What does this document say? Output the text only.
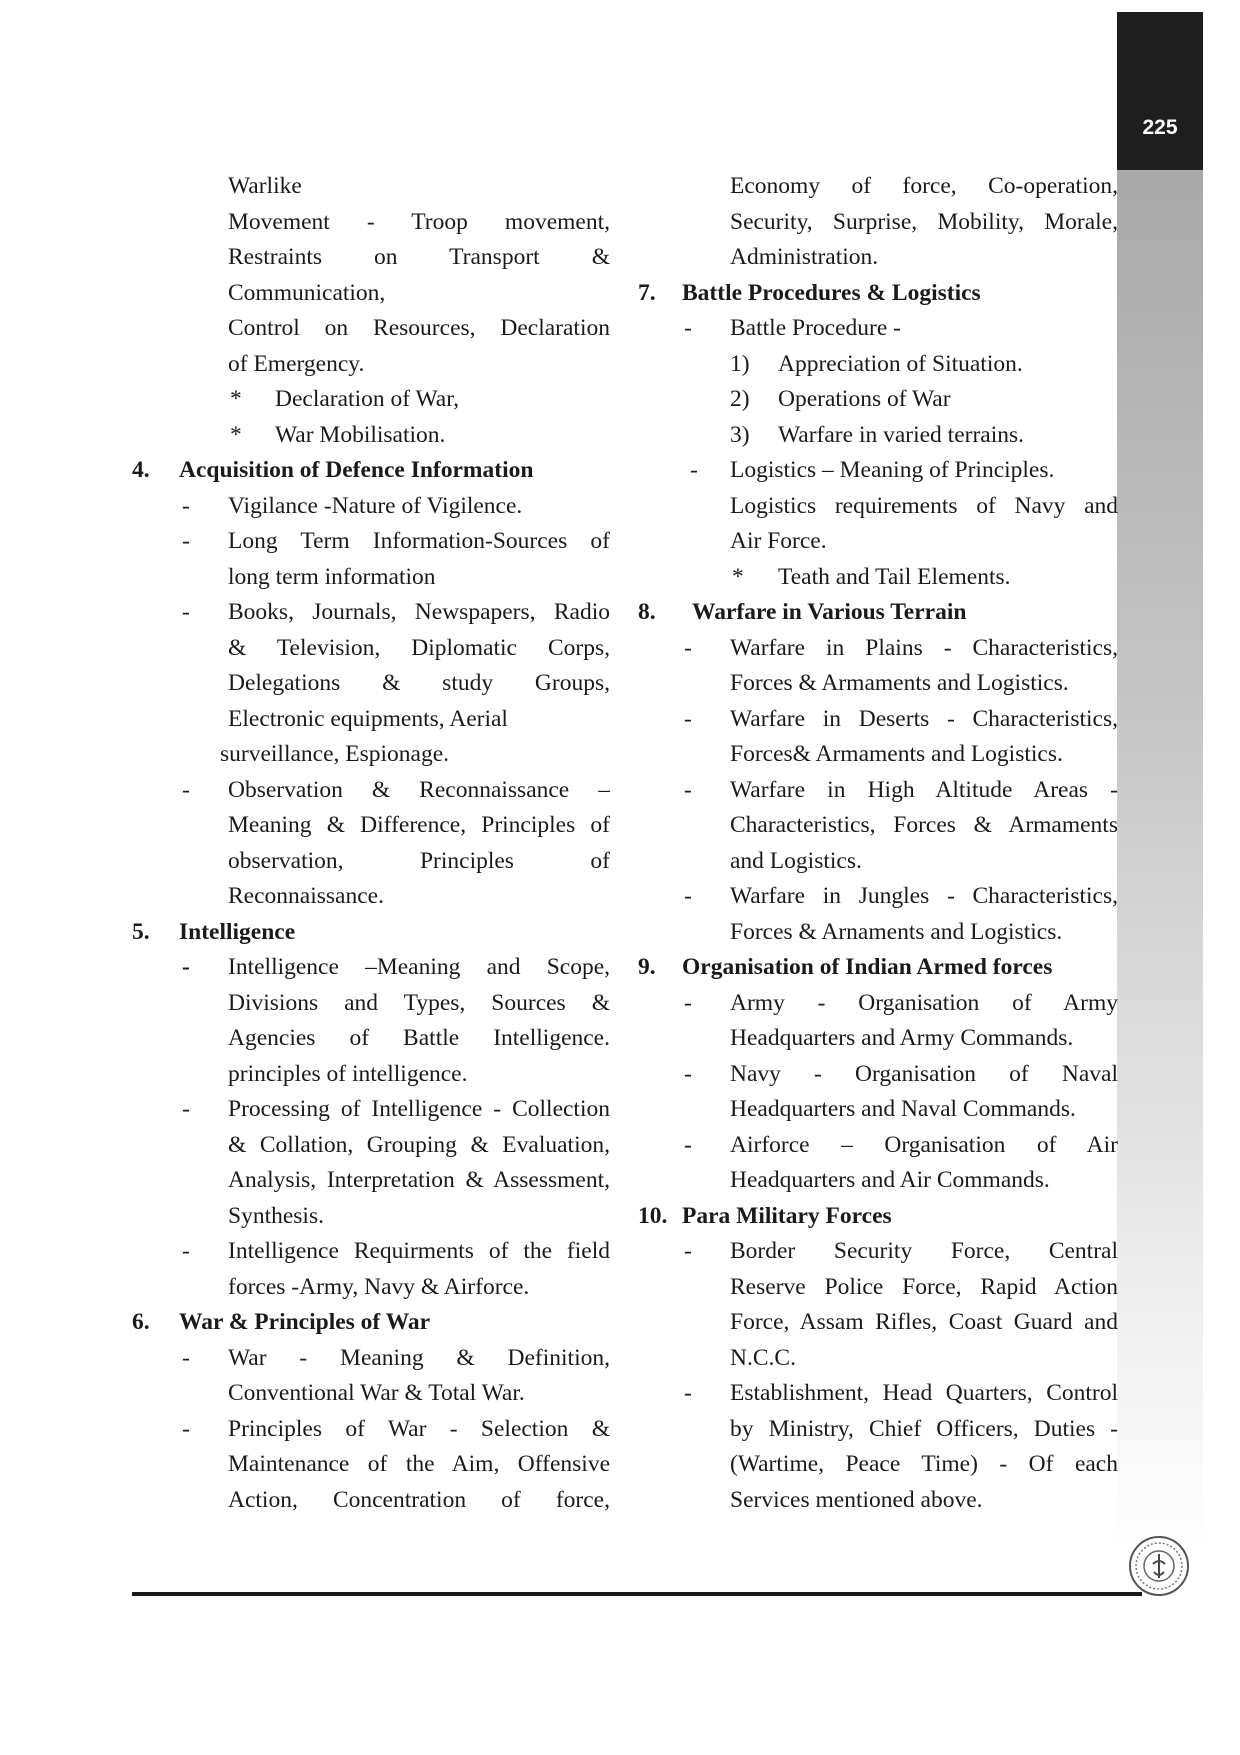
225
Warlike
Movement - Troop movement,
Restraints on Transport &
Communication,
Control on Resources, Declaration
of Emergency.
* Declaration of War,
* War Mobilisation.
4. Acquisition of Defence Information
- Vigilance -Nature of Vigilence.
- Long Term Information-Sources of
long term information
- Books, Journals, Newspapers, Radio
& Television, Diplomatic Corps,
Delegations & study Groups,
Electronic equipments, Aerial
surveillance, Espionage.
- Observation & Reconnaissance –
Meaning & Difference, Principles of
observation, Principles of
Reconnaissance.
5. Intelligence
- Intelligence –Meaning and Scope,
Divisions and Types, Sources &
Agencies of Battle Intelligence.
principles of intelligence.
- Processing of Intelligence - Collection
& Collation, Grouping & Evaluation,
Analysis, Interpretation & Assessment,
Synthesis.
- Intelligence Requirments of the field
forces -Army, Navy & Airforce.
6. War & Principles of War
- War - Meaning & Definition,
Conventional War & Total War.
- Principles of War - Selection &
Maintenance of the Aim, Offensive
Action, Concentration of force,
Economy of force, Co-operation,
Security, Surprise, Mobility, Morale,
Administration.
7. Battle Procedures & Logistics
- Battle Procedure -
1) Appreciation of Situation.
2) Operations of War
3) Warfare in varied terrains.
- Logistics – Meaning of Principles.
Logistics requirements of Navy and
Air Force.
* Teath and Tail Elements.
8. Warfare in Various Terrain
- Warfare in Plains - Characteristics,
Forces & Armaments and Logistics.
- Warfare in Deserts - Characteristics,
Forces& Armaments and Logistics.
- Warfare in High Altitude Areas -
Characteristics, Forces & Armaments
and Logistics.
- Warfare in Jungles - Characteristics,
Forces & Arnaments and Logistics.
9. Organisation of Indian Armed forces
- Army - Organisation of Army
Headquarters and Army Commands.
- Navy - Organisation of Naval
Headquarters and Naval Commands.
- Airforce – Organisation of Air
Headquarters and Air Commands.
10. Para Military Forces
- Border Security Force, Central
Reserve Police Force, Rapid Action
Force, Assam Rifles, Coast Guard and
N.C.C.
- Establishment, Head Quarters, Control
by Ministry, Chief Officers, Duties -
(Wartime, Peace Time) - Of each
Services mentioned above.
